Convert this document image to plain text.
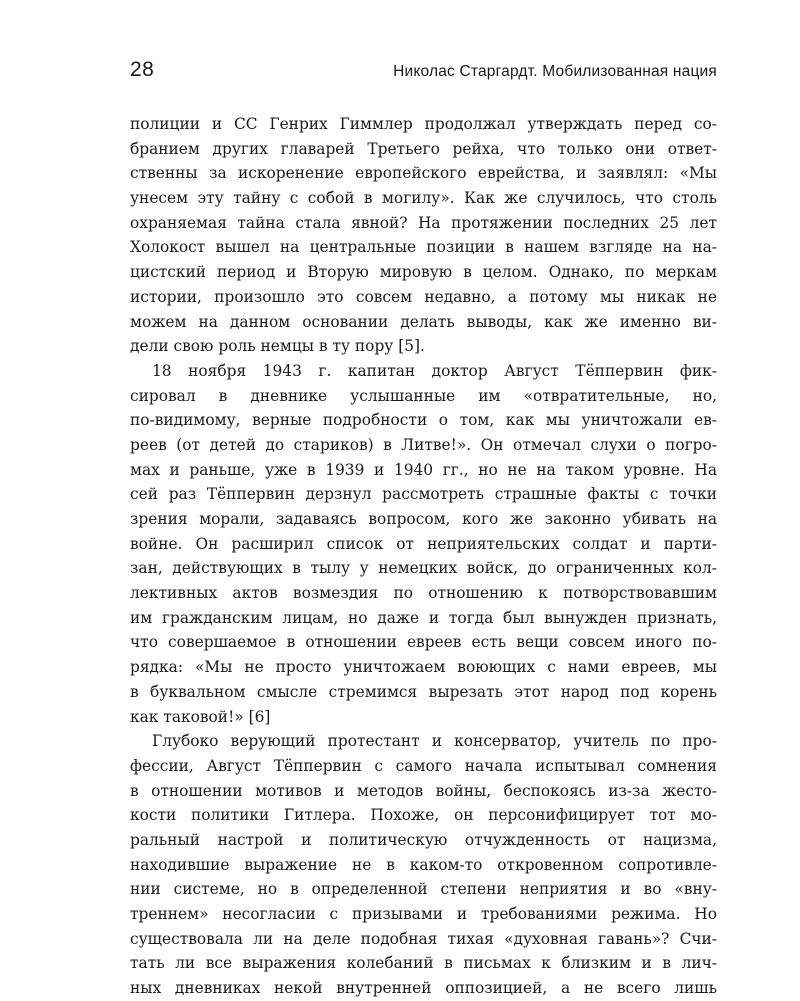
28	Николас Старгардт. Мобилизованная нация

полиции и СС Генрих Гиммлер продолжал утверждать перед со-
бранием других главарей Третьего рейха, что только они ответ-
ственны за искоренение европейского еврейства, и заявлял: «Мы
унесем эту тайну с собой в могилу». Как же случилось, что столь
охраняемая тайна стала явной? На протяжении последних 25 лет
Холокост вышел на центральные позиции в нашем взгляде на на-
цистский период и Вторую мировую в целом. Однако, по меркам
истории, произошло это совсем недавно, а потому мы никак не
можем на данном основании делать выводы, как же именно ви-
дели свою роль немцы в ту пору [5].

18 ноября 1943 г. капитан доктор Август Тёппервин фик-
сировал в дневнике услышанные им «отвратительные, но,
по-видимому, верные подробности о том, как мы уничтожали ев-
реев (от детей до стариков) в Литве!». Он отмечал слухи о погро-
мах и раньше, уже в 1939 и 1940 гг., но не на таком уровне. На
сей раз Тёппервин дерзнул рассмотреть страшные факты с точки
зрения морали, задаваясь вопросом, кого же законно убивать на
войне. Он расширил список от неприятельских солдат и парти-
зан, действующих в тылу у немецких войск, до ограниченных кол-
лективных актов возмездия по отношению к потворствовавшим
им гражданским лицам, но даже и тогда был вынужден признать,
что совершаемое в отношении евреев есть вещи совсем иного по-
рядка: «Мы не просто уничтожаем воюющих с нами евреев, мы
в буквальном смысле стремимся вырезать этот народ под корень
как таковой!» [6]

Глубоко верующий протестант и консерватор, учитель по про-
фессии, Август Тёппервин с самого начала испытывал сомнения
в отношении мотивов и методов войны, беспокоясь из-за жесто-
кости политики Гитлера. Похоже, он персонифицирует тот мо-
ральный настрой и политическую отчужденность от нацизма,
находившие выражение не в каком-то откровенном сопротивле-
нии системе, но в определенной степени неприятия и во «вну-
треннем» несогласии с призывами и требованиями режима. Но
существовала ли на деле подобная тихая «духовная гавань»? Счи-
тать ли все выражения колебаний в письмах к близким и в лич-
ных дневниках некой внутренней оппозицией, а не всего лишь
